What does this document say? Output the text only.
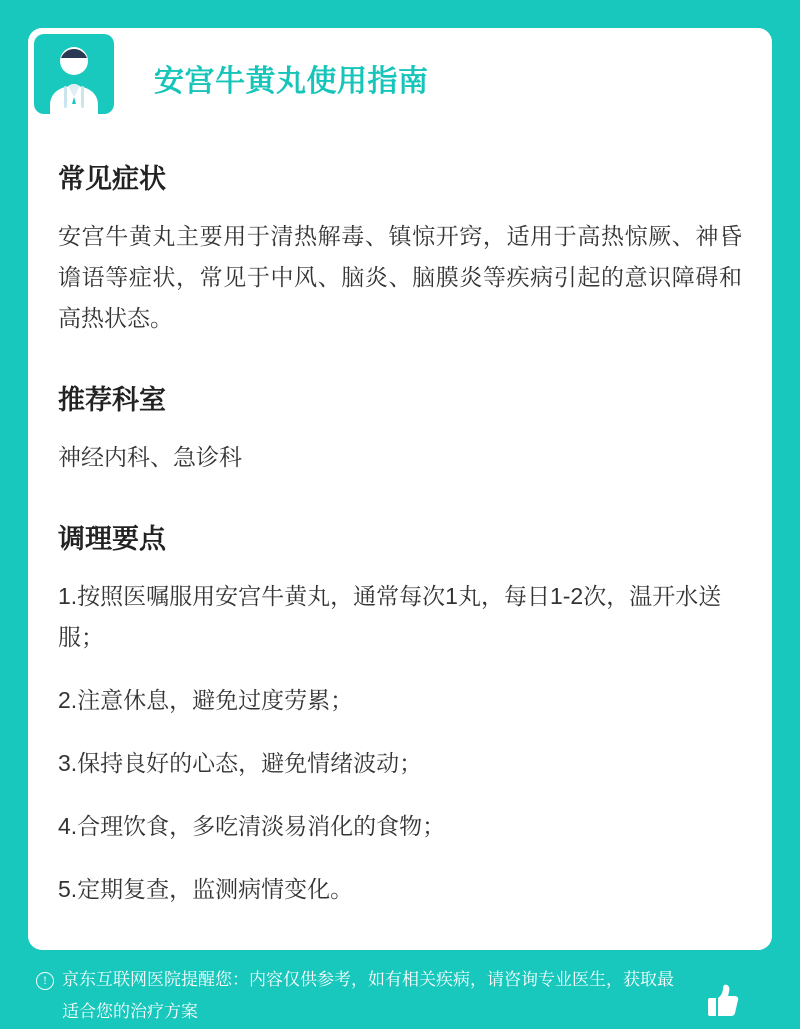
安宫牛黄丸使用指南
常见症状

安宫牛黄丸主要用于清热解毒、镇惊开窍，适用于高热惊厥、神昏谵语等症状，常见于中风、脑炎、脑膜炎等疾病引起的意识障碍和高热状态。

推荐科室

神经内科、急诊科

调理要点

1.按照医嘱服用安宫牛黄丸，通常每次1丸，每日1-2次，温开水送服；

2.注意休息，避免过度劳累；

3.保持良好的心态，避免情绪波动；

4.合理饮食，多吃清淡易消化的食物；

5.定期复查，监测病情变化。

! 京东互联网医院提醒您：内容仅供参考，如有相关疾病，请咨询专业医生，获取最适合您的治疗方案
